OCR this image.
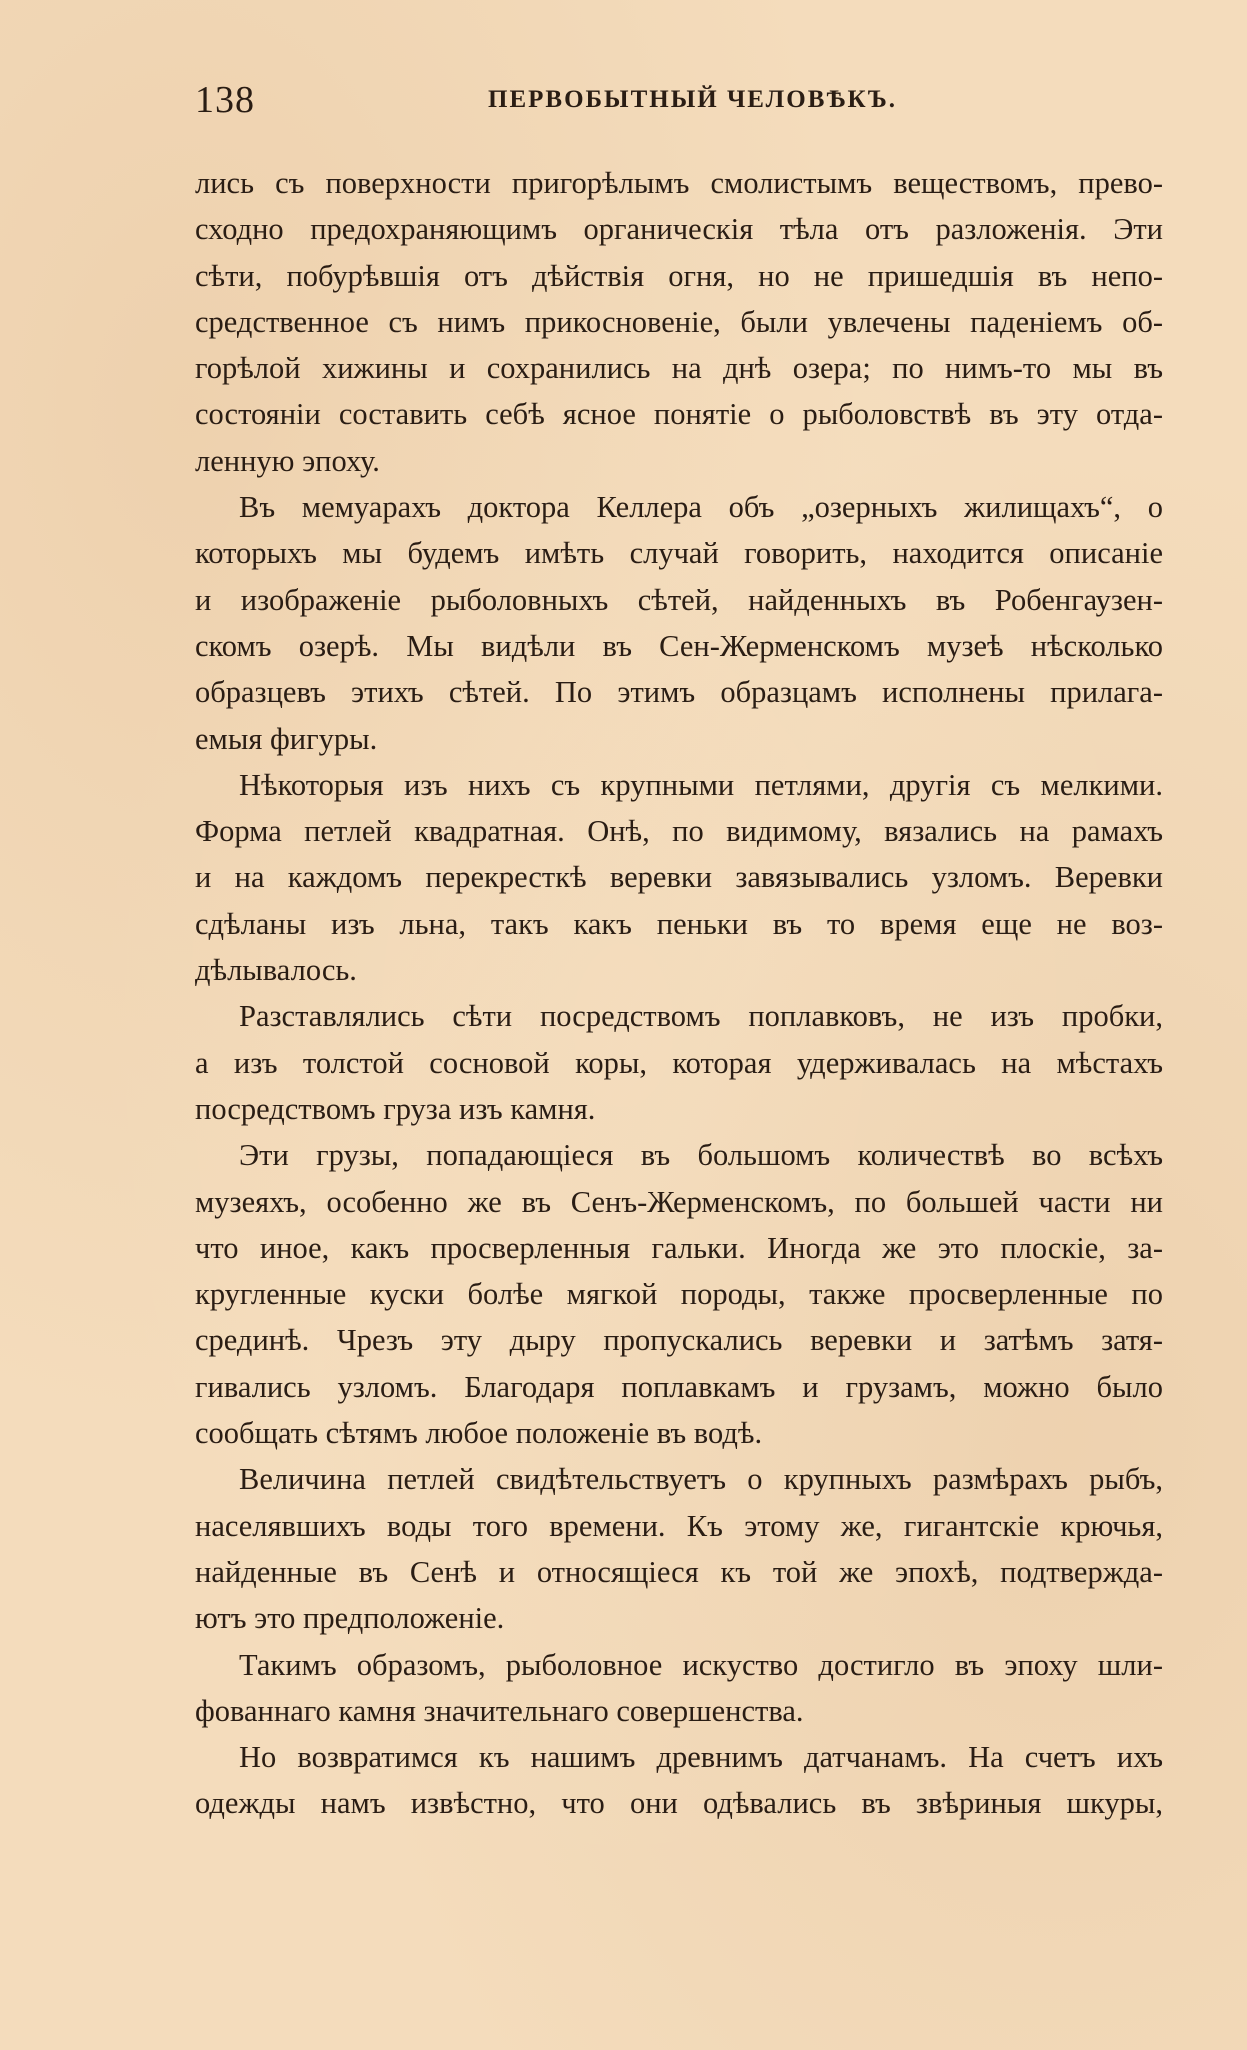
138	ПЕРВОБЫТНЫЙ ЧЕЛОВѢКЪ.
лись съ поверхности пригорѣлымъ смолистымъ веществомъ, прево-
сходно предохраняющимъ органическія тѣла отъ разложенія. Эти
сѣти, побурѣвшія отъ дѣйствія огня, но не пришедшія въ непо-
средственное съ нимъ прикосновеніе, были увлечены паденіемъ об-
горѣлой хижины и сохранились на днѣ озера; по нимъ-то мы въ
состояніи составить себѣ ясное понятіе о рыболовствѣ въ эту отда-
ленную эпоху.
Въ мемуарахъ доктора Келлера объ „озерныхъ жилищахъ“, о
которыхъ мы будемъ имѣть случай говорить, находится описаніе
и изображеніе рыболовныхъ сѣтей, найденныхъ въ Робенгаузен-
скомъ озерѣ. Мы видѣли въ Сен-Жерменскомъ музеѣ нѣсколько
образцевъ этихъ сѣтей. По этимъ образцамъ исполнены прилага-
емыя фигуры.
Нѣкоторыя изъ нихъ съ крупными петлями, другія съ мелкими.
Форма петлей квадратная. Онѣ, по видимому, вязались на рамахъ
и на каждомъ перекресткѣ веревки завязывались узломъ. Веревки
сдѣланы изъ льна, такъ какъ пеньки въ то время еще не воз-
дѣлывалось.
Разставлялись сѣти посредствомъ поплавковъ, не изъ пробки,
а изъ толстой сосновой коры, которая удерживалась на мѣстахъ
посредствомъ груза изъ камня.
Эти грузы, попадающіеся въ большомъ количествѣ во всѣхъ
музеяхъ, особенно же въ Сенъ-Жерменскомъ, по большей части ни
что иное, какъ просверленныя гальки. Иногда же это плоскіе, за-
кругленные куски болѣе мягкой породы, также просверленные по
срединѣ. Чрезъ эту дыру пропускались веревки и затѣмъ затя-
гивались узломъ. Благодаря поплавкамъ и грузамъ, можно было
сообщать сѣтямъ любое положеніе въ водѣ.
Величина петлей свидѣтельствуетъ о крупныхъ размѣрахъ рыбъ,
населявшихъ воды того времени. Къ этому же, гигантскіе крючья,
найденные въ Сенѣ и относящіеся къ той же эпохѣ, подтвержда-
ютъ это предположеніе.
Такимъ образомъ, рыболовное искуство достигло въ эпоху шли-
фованнаго камня значительнаго совершенства.
Но возвратимся къ нашимъ древнимъ датчанамъ. На счетъ ихъ
одежды намъ извѣстно, что они одѣвались въ звѣриныя шкуры,
